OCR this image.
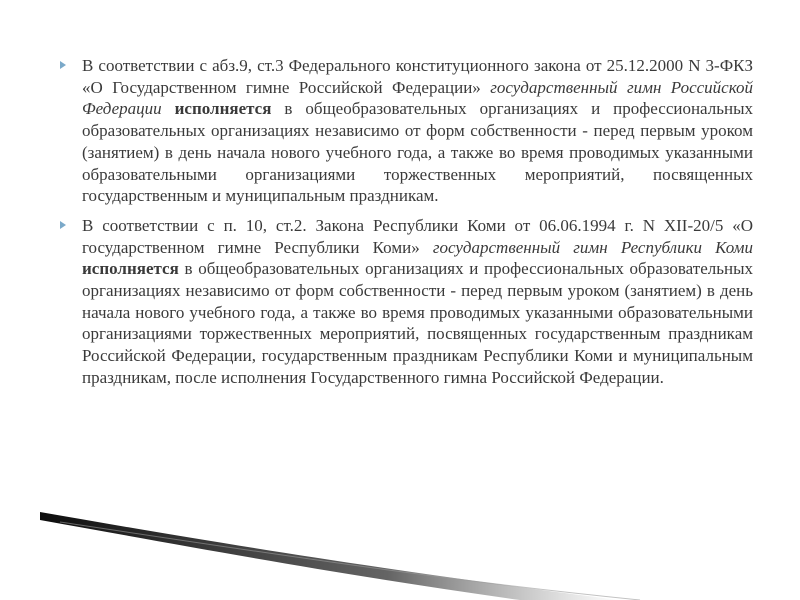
В соответствии с абз.9, ст.3 Федерального конституционного закона от 25.12.2000 N 3-ФКЗ «О Государственном гимне Российской Федерации» государственный гимн Российской Федерации исполняется в общеобразовательных организациях и профессиональных образовательных организациях независимо от форм собственности - перед первым уроком (занятием) в день начала нового учебного года, а также во время проводимых указанными образовательными организациями торжественных мероприятий, посвященных государственным и муниципальным праздникам.

В соответствии с п. 10, ст.2. Закона Республики Коми от 06.06.1994 г. N XII-20/5 «О государственном гимне Республики Коми» государственный гимн Республики Коми исполняется в общеобразовательных организациях и профессиональных образовательных организациях независимо от форм собственности - перед первым уроком (занятием) в день начала нового учебного года, а также во время проводимых указанными образовательными организациями торжественных мероприятий, посвященных государственным праздникам Российской Федерации, государственным праздникам Республики Коми и муниципальным праздникам, после исполнения Государственного гимна Российской Федерации.
